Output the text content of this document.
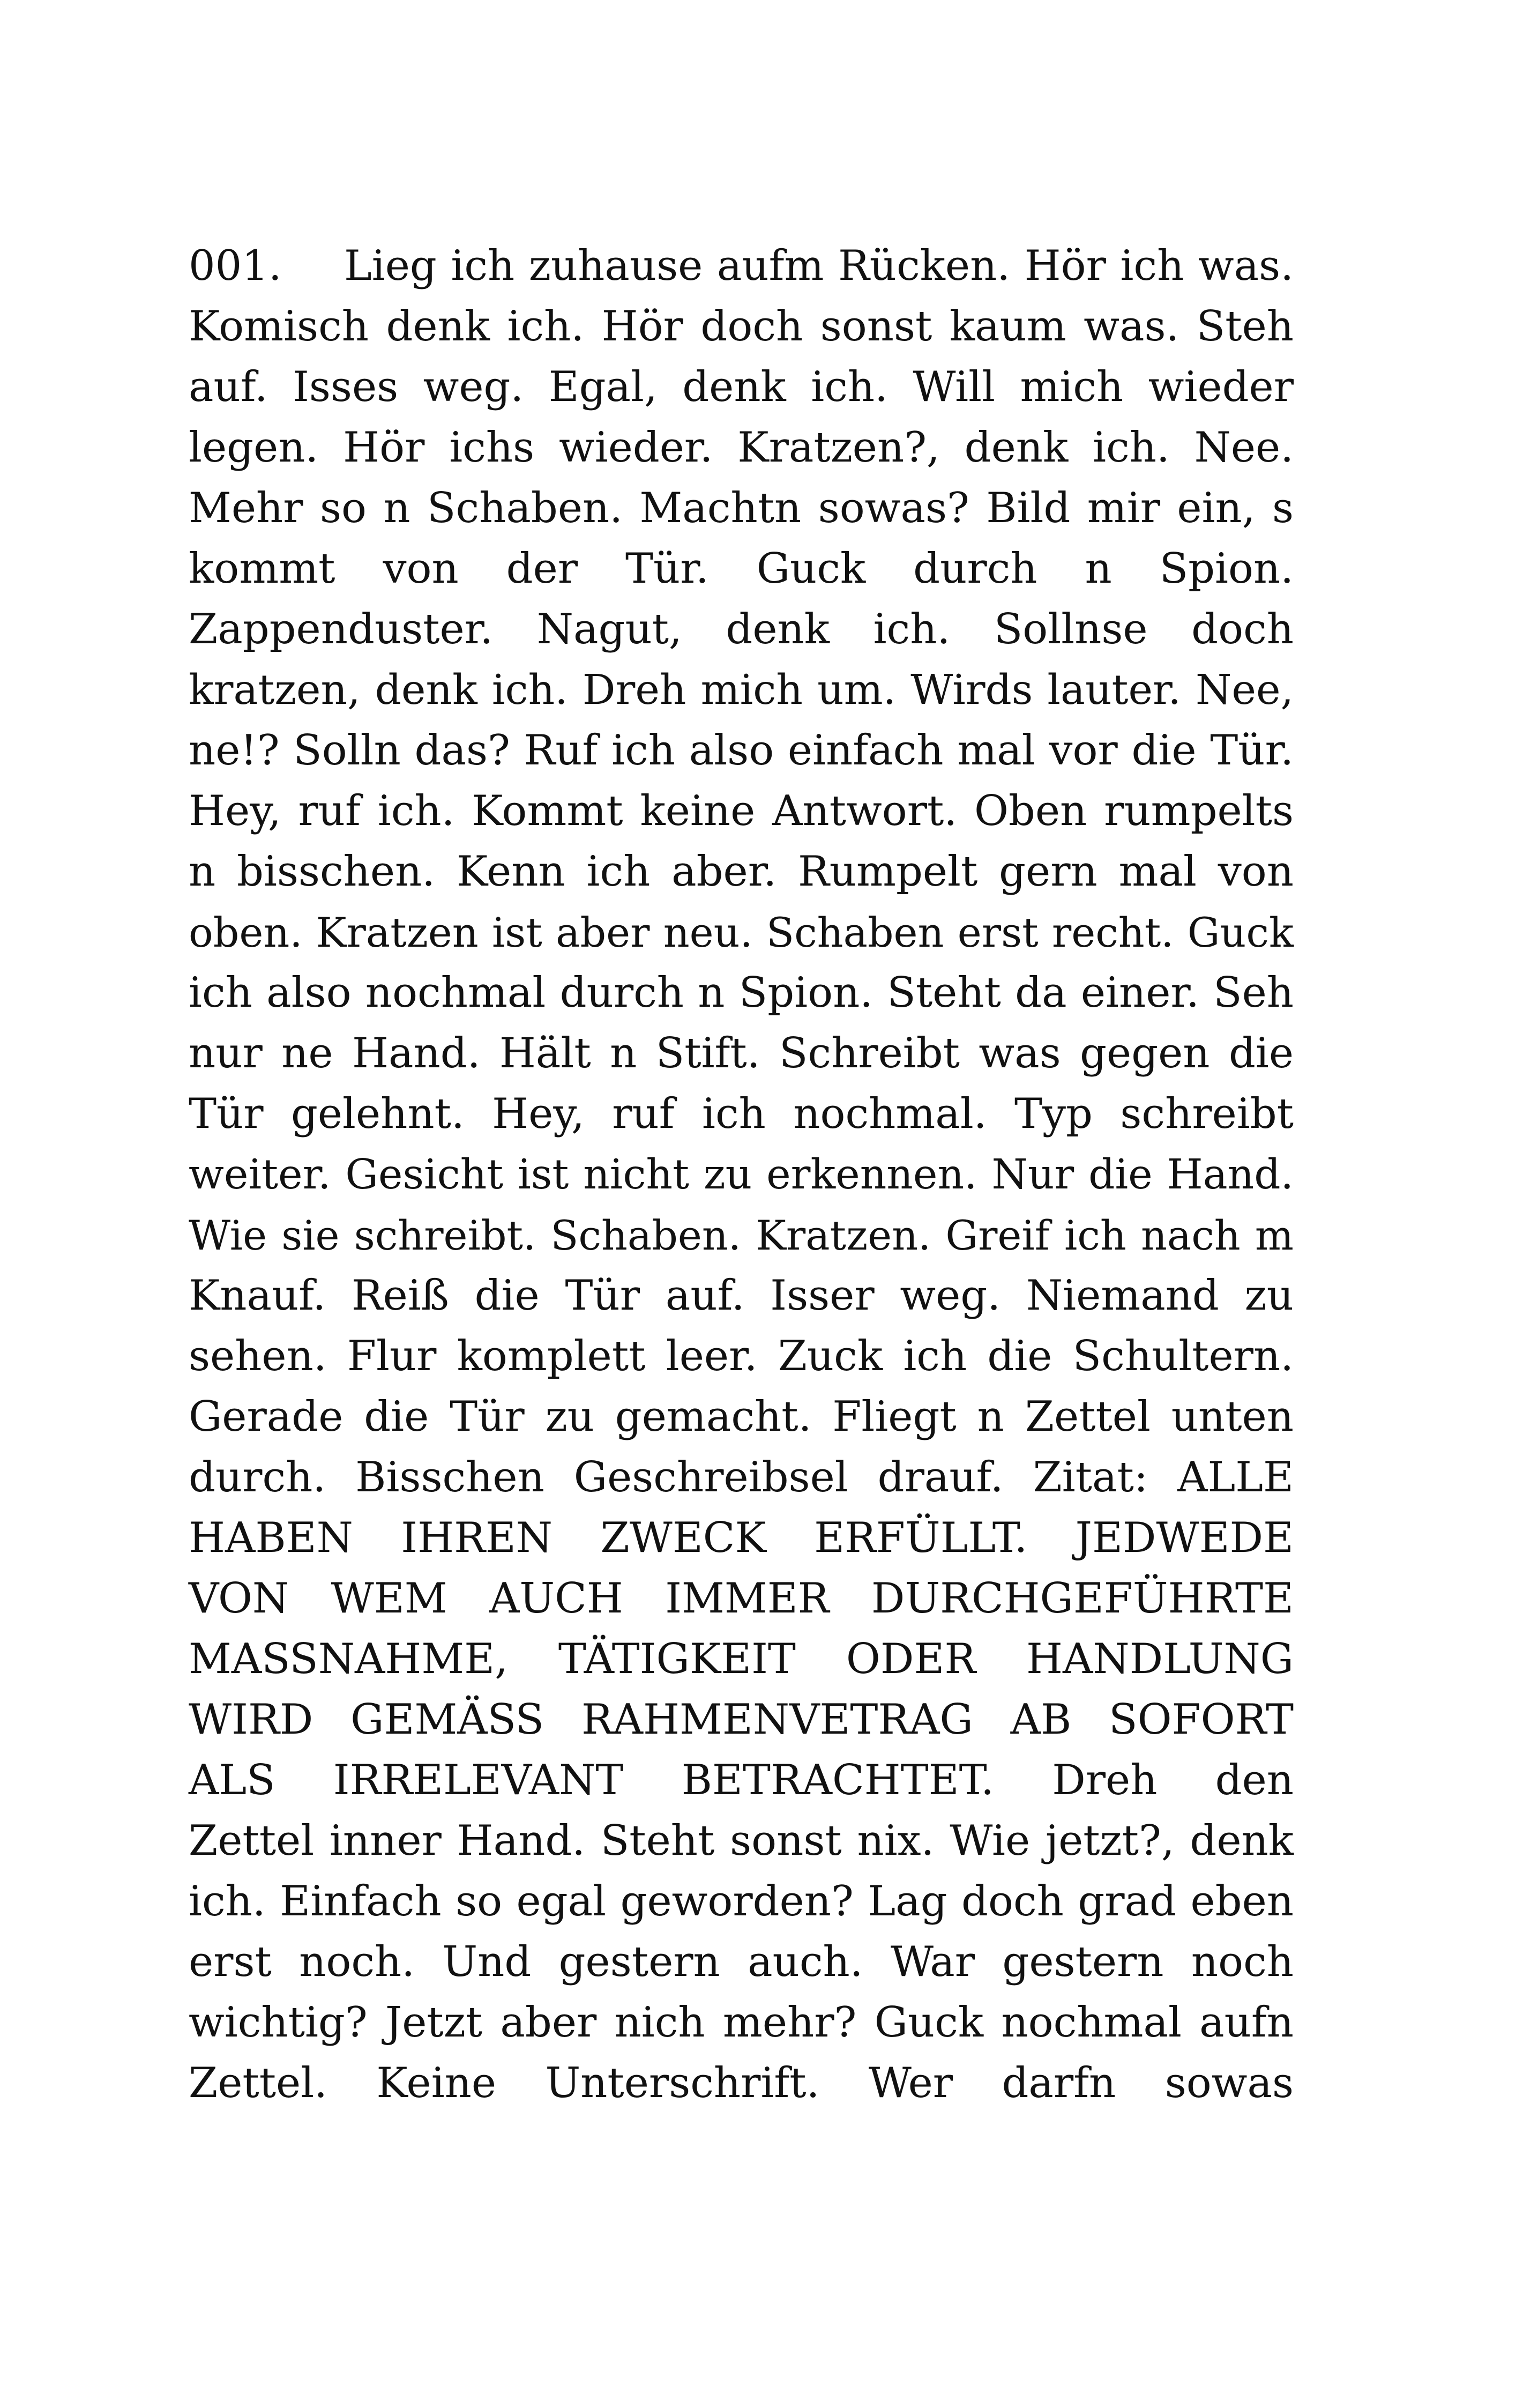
001. Lieg ich zuhause aufm Rücken. Hör ich was.
Komisch denk ich. Hör doch sonst kaum was. Steh
auf. Isses weg. Egal, denk ich. Will mich wieder
legen. Hör ichs wieder. Kratzen?, denk ich. Nee.
Mehr so n Schaben. Machtn sowas? Bild mir ein, s
kommt von der Tür. Guck durch n Spion.
Zappenduster. Nagut, denk ich. Sollnse doch
kratzen, denk ich. Dreh mich um. Wirds lauter. Nee,
ne!? Solln das? Ruf ich also einfach mal vor die Tür.
Hey, ruf ich. Kommt keine Antwort. Oben rumpelts
n bisschen. Kenn ich aber. Rumpelt gern mal von
oben. Kratzen ist aber neu. Schaben erst recht. Guck
ich also nochmal durch n Spion. Steht da einer. Seh
nur ne Hand. Hält n Stift. Schreibt was gegen die
Tür gelehnt. Hey, ruf ich nochmal. Typ schreibt
weiter. Gesicht ist nicht zu erkennen. Nur die Hand.
Wie sie schreibt. Schaben. Kratzen. Greif ich nach m
Knauf. Reiß die Tür auf. Isser weg. Niemand zu
sehen. Flur komplett leer. Zuck ich die Schultern.
Gerade die Tür zu gemacht. Fliegt n Zettel unten
durch. Bisschen Geschreibsel drauf. Zitat: ALLE
HABEN IHREN ZWECK ERFÜLLT. JEDWEDE
VON WEM AUCH IMMER DURCHGEFÜHRTE
MASSNAHME, TÄTIGKEIT ODER HANDLUNG
WIRD GEMÄSS RAHMENVETRAG AB SOFORT
ALS IRRELEVANT BETRACHTET. Dreh den
Zettel inner Hand. Steht sonst nix. Wie jetzt?, denk
ich. Einfach so egal geworden? Lag doch grad eben
erst noch. Und gestern auch. War gestern noch
wichtig? Jetzt aber nich mehr? Guck nochmal aufn
Zettel. Keine Unterschrift. Wer darfn sowas
